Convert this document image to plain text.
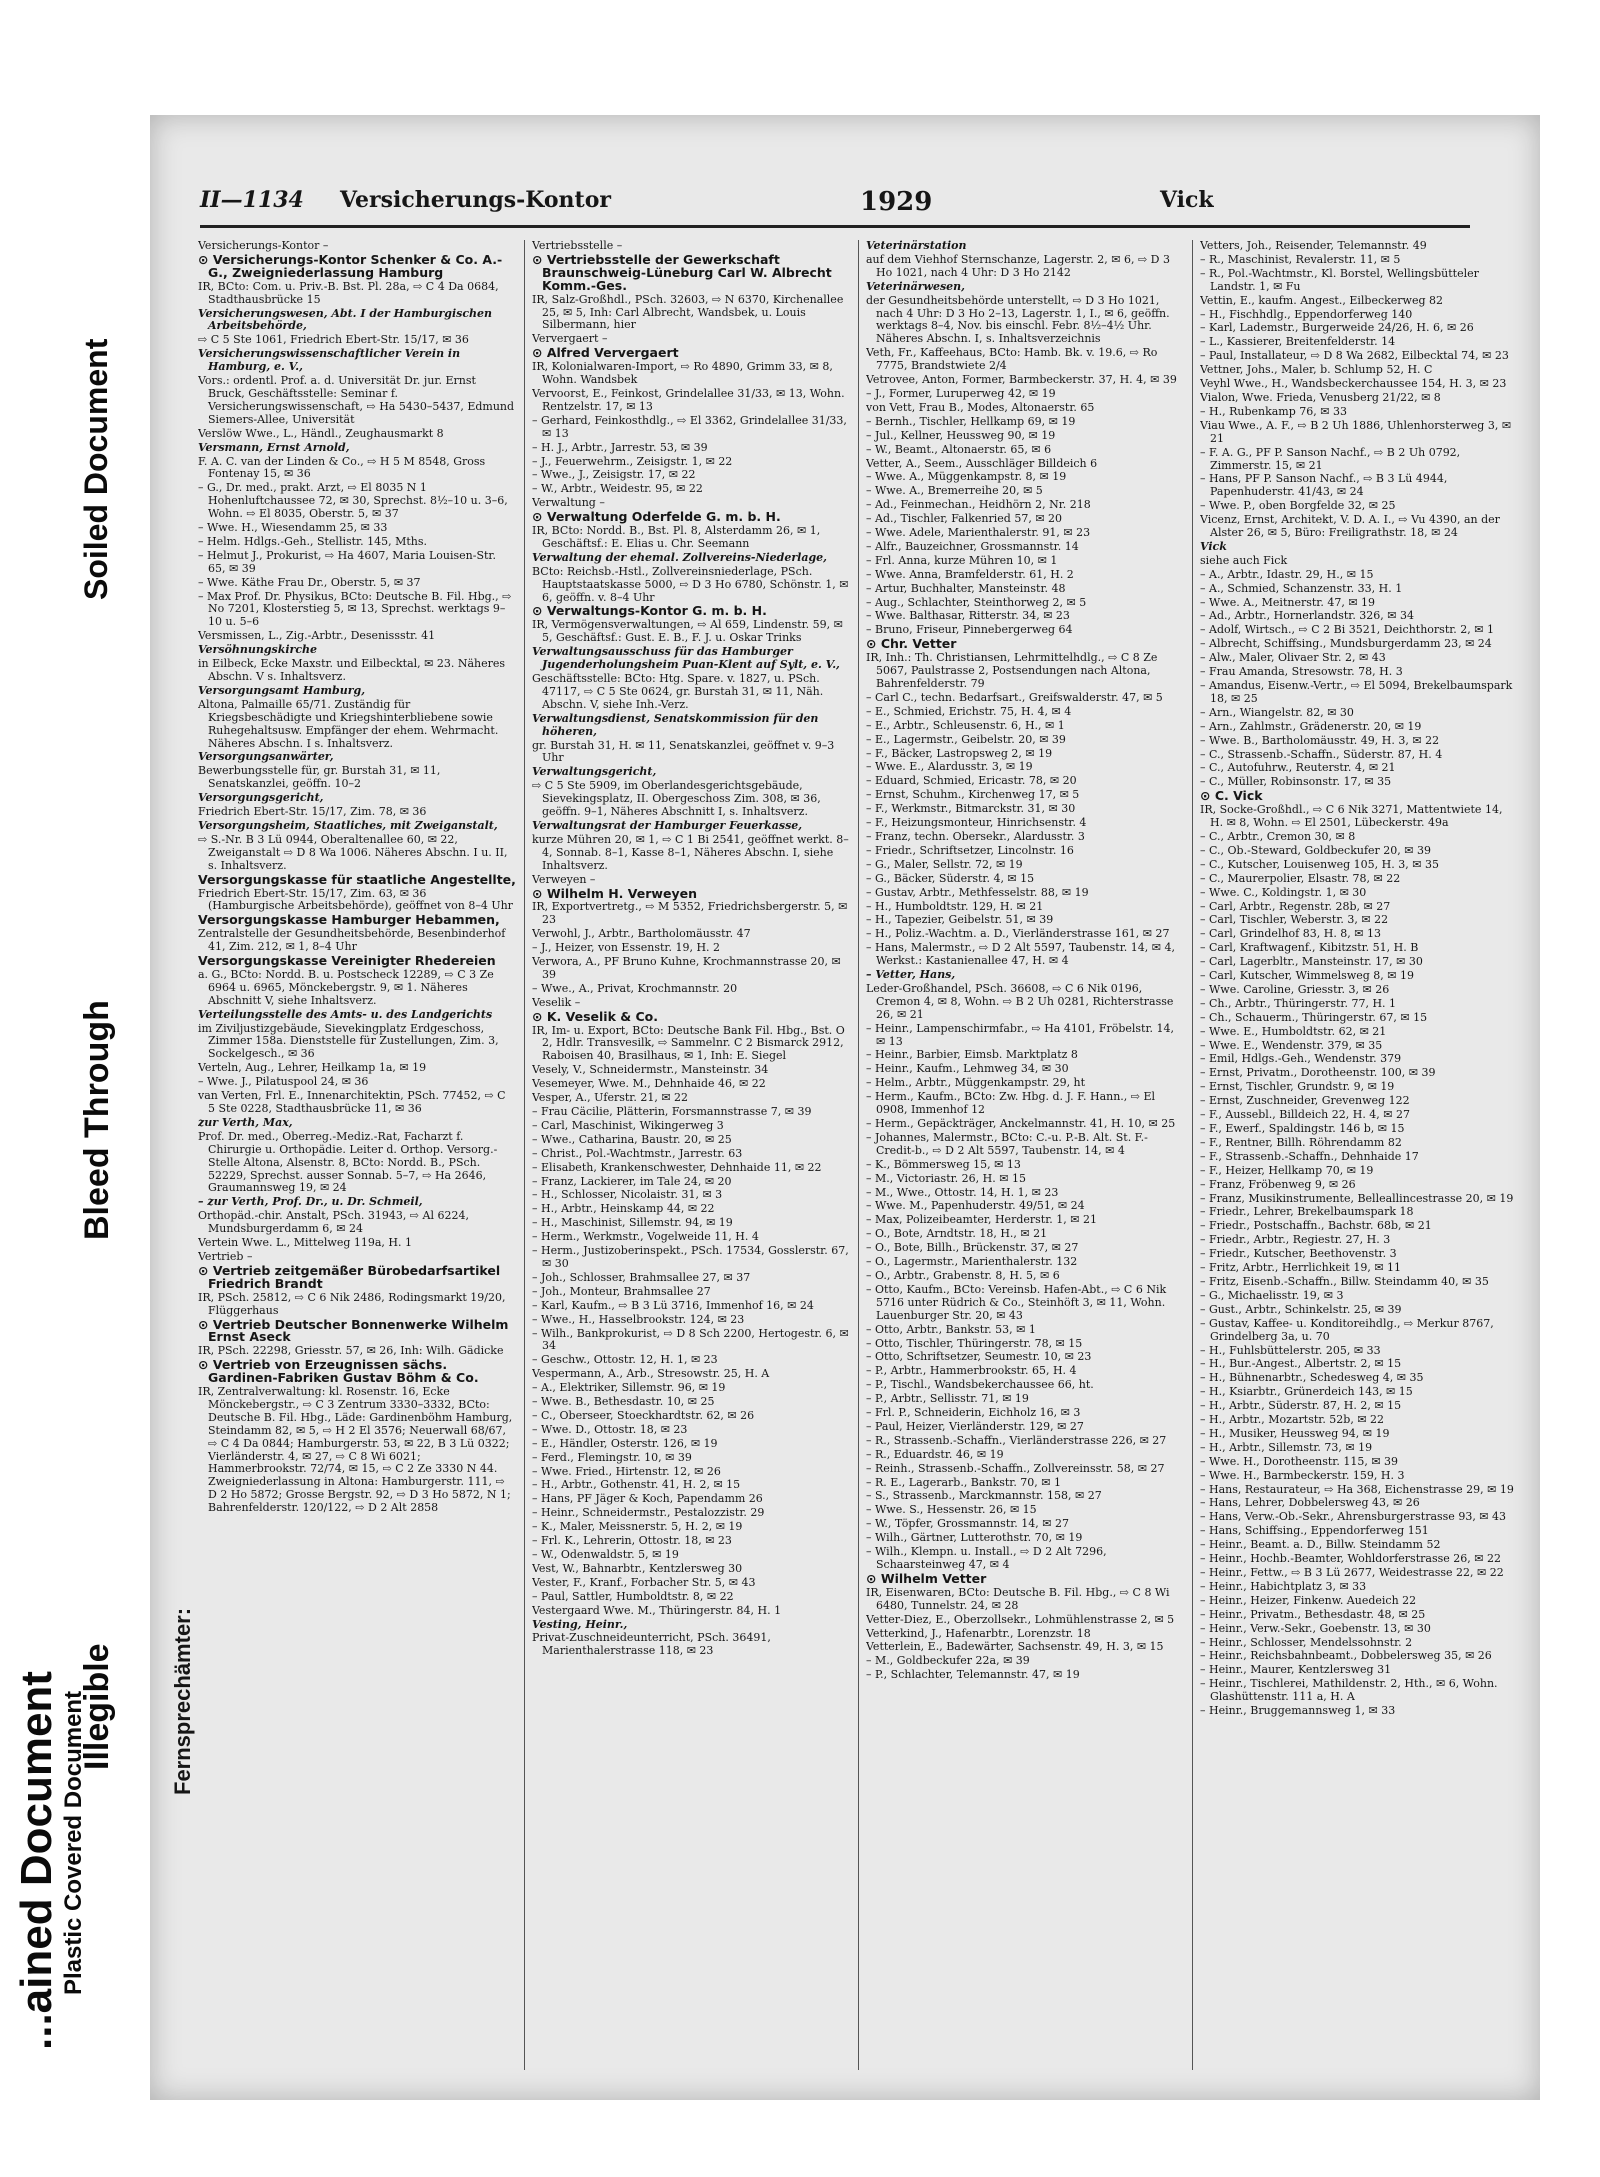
...ained Document Plastic Covered Document
Illegible
Bleed Through
Soiled Document
II—1134 Versicherungs-Kontor	1929	Vick
Fernsprechämter:

Versicherungs-Kontor –

⊙ Versicherungs-Kontor Schenker & Co. A.-G., Zweigniederlassung Hamburg

IR, BCto: Com. u. Priv.-B. Bst. Pl. 28a, ⇨ C 4 Da 0684, Stadthausbrücke 15

Versicherungswesen, Abt. I der Hamburgischen Arbeitsbehörde,

⇨ C 5 Ste 1061, Friedrich Ebert-Str. 15/17, ✉ 36

Versicherungswissenschaftlicher Verein in Hamburg, e. V.,

Vors.: ordentl. Prof. a. d. Universität Dr. jur. Ernst Bruck, Geschäftsstelle: Seminar f. Versicherungswissenschaft, ⇨ Ha 5430–5437, Edmund Siemers-Allee, Universität

Verslöw Wwe., L., Händl., Zeughausmarkt 8

Versmann, Ernst Arnold,

F. A. C. van der Linden & Co., ⇨ H 5 M 8548, Gross Fontenay 15, ✉ 36

– G., Dr. med., prakt. Arzt, ⇨ El 8035 N 1 Hohenluftchaussee 72, ✉ 30, Sprechst. 8½–10 u. 3–6, Wohn. ⇨ El 8035, Oberstr. 5, ✉ 37

– Wwe. H., Wiesendamm 25, ✉ 33

– Helm. Hdlgs.-Geh., Stellistr. 145, Mths.

– Helmut J., Prokurist, ⇨ Ha 4607, Maria Louisen-Str. 65, ✉ 39

– Wwe. Käthe Frau Dr., Oberstr. 5, ✉ 37

– Max Prof. Dr. Physikus, BCto: Deutsche B. Fil. Hbg., ⇨ No 7201, Klosterstieg 5, ✉ 13, Sprechst. werktags 9–10 u. 5–6

Versmissen, L., Zig.-Arbtr., Desenissstr. 41

Versöhnungskirche

in Eilbeck, Ecke Maxstr. und Eilbecktal, ✉ 23. Näheres Abschn. V s. Inhaltsverz.

Versorgungsamt Hamburg,

Altona, Palmaille 65/71. Zuständig für Kriegsbeschädigte und Kriegshinterbliebene sowie Ruhegehaltsusw. Empfänger der ehem. Wehrmacht. Näheres Abschn. I s. Inhaltsverz.

Versorgungsanwärter,

Bewerbungsstelle für, gr. Burstah 31, ✉ 11, Senatskanzlei, geöffn. 10–2

Versorgungsgericht,

Friedrich Ebert-Str. 15/17, Zim. 78, ✉ 36

Versorgungsheim, Staatliches, mit Zweiganstalt,

⇨ S.-Nr. B 3 Lü 0944, Oberaltenallee 60, ✉ 22, Zweiganstalt ⇨ D 8 Wa 1006. Näheres Abschn. I u. II, s. Inhaltsverz.

Versorgungskasse für staatliche Angestellte,

Friedrich Ebert-Str. 15/17, Zim. 63, ✉ 36 (Hamburgische Arbeitsbehörde), geöffnet von 8–4 Uhr

Versorgungskasse Hamburger Hebammen,

Zentralstelle der Gesundheitsbehörde, Besenbinderhof 41, Zim. 212, ✉ 1, 8–4 Uhr

Versorgungskasse Vereinigter Rhedereien

a. G., BCto: Nordd. B. u. Postscheck 12289, ⇨ C 3 Ze 6964 u. 6965, Mönckebergstr. 9, ✉ 1. Näheres Abschnitt V, siehe Inhaltsverz.

Verteilungsstelle des Amts- u. des Landgerichts

im Ziviljustizgebäude, Sievekingplatz Erdgeschoss, Zimmer 158a. Dienststelle für Zustellungen, Zim. 3, Sockelgesch., ✉ 36

Verteln, Aug., Lehrer, Heilkamp 1a, ✉ 19

– Wwe. J., Pilatuspool 24, ✉ 36

van Verten, Frl. E., Innenarchitektin, PSch. 77452, ⇨ C 5 Ste 0228, Stadthausbrücke 11, ✉ 36

zur Verth, Max,

Prof. Dr. med., Oberreg.-Mediz.-Rat, Facharzt f. Chirurgie u. Orthopädie. Leiter d. Orthop. Versorg.-Stelle Altona, Alsenstr. 8, BCto: Nordd. B., PSch. 52229, Sprechst. ausser Sonnab. 5–7, ⇨ Ha 2646, Graumannsweg 19, ✉ 24

– zur Verth, Prof. Dr., u. Dr. Schmeil,

Orthopäd.-chir. Anstalt, PSch. 31943, ⇨ Al 6224, Mundsburgerdamm 6, ✉ 24

Vertein Wwe. L., Mittelweg 119a, H. 1

Vertrieb –

⊙ Vertrieb zeitgemäßer Bürobedarfsartikel Friedrich Brandt

IR, PSch. 25812, ⇨ C 6 Nik 2486, Rodingsmarkt 19/20, Flüggerhaus

⊙ Vertrieb Deutscher Bonnenwerke Wilhelm Ernst Aseck

IR, PSch. 22298, Griesstr. 57, ✉ 26, Inh: Wilh. Gädicke

⊙ Vertrieb von Erzeugnissen sächs. Gardinen-Fabriken Gustav Böhm & Co.

IR, Zentralverwaltung: kl. Rosenstr. 16, Ecke Mönckebergstr., ⇨ C 3 Zentrum 3330–3332, BCto: Deutsche B. Fil. Hbg., Läde: Gardinenböhm Hamburg, Steindamm 82, ✉ 5, ⇨ H 2 El 3576; Neuerwall 68/67, ⇨ C 4 Da 0844; Hamburgerstr. 53, ✉ 22, B 3 Lü 0322; Vierländerstr. 4, ✉ 27, ⇨ C 8 Wi 6021; Hammerbrookstr. 72/74, ✉ 15, ⇨ C 2 Ze 3330 N 44. Zweigniederlassung in Altona: Hamburgerstr. 111, ⇨ D 2 Ho 5872; Grosse Bergstr. 92, ⇨ D 3 Ho 5872, N 1; Bahrenfelderstr. 120/122, ⇨ D 2 Alt 2858

Vertriebsstelle –

⊙ Vertriebsstelle der Gewerkschaft Braunschweig-Lüneburg Carl W. Albrecht Komm.-Ges.

IR, Salz-Großhdl., PSch. 32603, ⇨ N 6370, Kirchenallee 25, ✉ 5, Inh: Carl Albrecht, Wandsbek, u. Louis Silbermann, hier

Ververgaert –

⊙ Alfred Ververgaert

IR, Kolonialwaren-Import, ⇨ Ro 4890, Grimm 33, ✉ 8, Wohn. Wandsbek

Vervoorst, E., Feinkost, Grindelallee 31/33, ✉ 13, Wohn. Rentzelstr. 17, ✉ 13

– Gerhard, Feinkosthdlg., ⇨ El 3362, Grindelallee 31/33, ✉ 13

– H. J., Arbtr., Jarrestr. 53, ✉ 39

– J., Feuerwehrm., Zeisigstr. 1, ✉ 22

– Wwe., J., Zeisigstr. 17, ✉ 22

– W., Arbtr., Weidestr. 95, ✉ 22

Verwaltung –

⊙ Verwaltung Oderfelde G. m. b. H.

IR, BCto: Nordd. B., Bst. Pl. 8, Alsterdamm 26, ✉ 1, Geschäftsf.: E. Elias u. Chr. Seemann

Verwaltung der ehemal. Zollvereins-Niederlage,

BCto: Reichsb.-Hstl., Zollvereinsniederlage, PSch. Hauptstaatskasse 5000, ⇨ D 3 Ho 6780, Schönstr. 1, ✉ 6, geöffn. v. 8–4 Uhr

⊙ Verwaltungs-Kontor G. m. b. H.

IR, Vermögensverwaltungen, ⇨ Al 659, Lindenstr. 59, ✉ 5, Geschäftsf.: Gust. E. B., F. J. u. Oskar Trinks

Verwaltungsausschuss für das Hamburger Jugenderholungsheim Puan-Klent auf Sylt, e. V.,

Geschäftsstelle: BCto: Htg. Spare. v. 1827, u. PSch. 47117, ⇨ C 5 Ste 0624, gr. Burstah 31, ✉ 11, Näh. Abschn. V, siehe Inh.-Verz.

Verwaltungsdienst, Senatskommission für den höheren,

gr. Burstah 31, H. ✉ 11, Senatskanzlei, geöffnet v. 9–3 Uhr

Verwaltungsgericht,

⇨ C 5 Ste 5909, im Oberlandesgerichtsgebäude, Sievekingsplatz, II. Obergeschoss Zim. 308, ✉ 36, geöffn. 9–1, Näheres Abschnitt I, s. Inhaltsverz.

Verwaltungsrat der Hamburger Feuerkasse,

kurze Mühren 20, ✉ 1, ⇨ C 1 Bi 2541, geöffnet werkt. 8–4, Sonnab. 8–1, Kasse 8–1, Näheres Abschn. I, siehe Inhaltsverz.

Verweyen –

⊙ Wilhelm H. Verweyen

IR, Exportvertretg., ⇨ M 5352, Friedrichsbergerstr. 5, ✉ 23

Verwohl, J., Arbtr., Bartholomäusstr. 47

– J., Heizer, von Essenstr. 19, H. 2

Verwora, A., PF Bruno Kuhne, Krochmannstrasse 20, ✉ 39

– Wwe., A., Privat, Krochmannstr. 20

Veselik –

⊙ K. Veselik & Co.

IR, Im- u. Export, BCto: Deutsche Bank Fil. Hbg., Bst. O 2, Hdlr. Transvesilk, ⇨ Sammelnr. C 2 Bismarck 2912, Raboisen 40, Brasilhaus, ✉ 1, Inh: E. Siegel

Vesely, V., Schneidermstr., Mansteinstr. 34

Vesemeyer, Wwe. M., Dehnhaide 46, ✉ 22

Vesper, A., Uferstr. 21, ✉ 22

– Frau Cäcilie, Plätterin, Forsmannstrasse 7, ✉ 39

– Carl, Maschinist, Wikingerweg 3

– Wwe., Catharina, Baustr. 20, ✉ 25

– Christ., Pol.-Wachtmstr., Jarrestr. 63

– Elisabeth, Krankenschwester, Dehnhaide 11, ✉ 22

– Franz, Lackierer, im Tale 24, ✉ 20

– H., Schlosser, Nicolaistr. 31, ✉ 3

– H., Arbtr., Heinskamp 44, ✉ 22

– H., Maschinist, Sillemstr. 94, ✉ 19

– Herm., Werkmstr., Vogelweide 11, H. 4

– Herm., Justizoberinspekt., PSch. 17534, Gosslerstr. 67, ✉ 30

– Joh., Schlosser, Brahmsallee 27, ✉ 37

– Joh., Monteur, Brahmsallee 27

– Karl, Kaufm., ⇨ B 3 Lü 3716, Immenhof 16, ✉ 24

– Wwe., H., Hasselbrookstr. 124, ✉ 23

– Wilh., Bankprokurist, ⇨ D 8 Sch 2200, Hertogestr. 6, ✉ 34

– Geschw., Ottostr. 12, H. 1, ✉ 23

Vespermann, A., Arb., Stresowstr. 25, H. A

– A., Elektriker, Sillemstr. 96, ✉ 19

– Wwe. B., Bethesdastr. 10, ✉ 25

– C., Oberseer, Stoeckhardtstr. 62, ✉ 26

– Wwe. D., Ottostr. 18, ✉ 23

– E., Händler, Osterstr. 126, ✉ 19

– Ferd., Flemingstr. 10, ✉ 39

– Wwe. Fried., Hirtenstr. 12, ✉ 26

– H., Arbtr., Gothenstr. 41, H. 2, ✉ 15

– Hans, PF Jäger & Koch, Papendamm 26

– Heinr., Schneidermstr., Pestalozzistr. 29

– K., Maler, Meissnerstr. 5, H. 2, ✉ 19

– Frl. K., Lehrerin, Ottostr. 18, ✉ 23

– W., Odenwaldstr. 5, ✉ 19

Vest, W., Bahnarbtr., Kentzlersweg 30

Vester, F., Kranf., Forbacher Str. 5, ✉ 43

– Paul, Sattler, Humboldtstr. 8, ✉ 22

Vestergaard Wwe. M., Thüringerstr. 84, H. 1

Vesting, Heinr.,

Privat-Zuschneideunterricht, PSch. 36491, Marienthalerstrasse 118, ✉ 23

Veterinärstation

auf dem Viehhof Sternschanze, Lagerstr. 2, ✉ 6, ⇨ D 3 Ho 1021, nach 4 Uhr: D 3 Ho 2142

Veterinärwesen,

der Gesundheitsbehörde unterstellt, ⇨ D 3 Ho 1021, nach 4 Uhr: D 3 Ho 2–13, Lagerstr. 1, I., ✉ 6, geöffn. werktags 8–4, Nov. bis einschl. Febr. 8½–4½ Uhr. Näheres Abschn. I, s. Inhaltsverzeichnis

Veth, Fr., Kaffeehaus, BCto: Hamb. Bk. v. 19.6, ⇨ Ro 7775, Brandstwiete 2/4

Vetrovee, Anton, Former, Barmbeckerstr. 37, H. 4, ✉ 39

– J., Former, Luruperweg 42, ✉ 19

von Vett, Frau B., Modes, Altonaerstr. 65

– Bernh., Tischler, Hellkamp 69, ✉ 19

– Jul., Kellner, Heussweg 90, ✉ 19

– W., Beamt., Altonaerstr. 65, ✉ 6

Vetter, A., Seem., Ausschläger Billdeich 6

– Wwe. A., Müggenkampstr. 8, ✉ 19

– Wwe. A., Bremerreihe 20, ✉ 5

– Ad., Feinmechan., Heidhörn 2, Nr. 218

– Ad., Tischler, Falkenried 57, ✉ 20

– Wwe. Adele, Marienthalerstr. 91, ✉ 23

– Alfr., Bauzeichner, Grossmannstr. 14

– Frl. Anna, kurze Mühren 10, ✉ 1

– Wwe. Anna, Bramfelderstr. 61, H. 2

– Artur, Buchhalter, Mansteinstr. 48

– Aug., Schlachter, Steinthorweg 2, ✉ 5

– Wwe. Balthasar, Ritterstr. 34, ✉ 23

– Bruno, Friseur, Pinnebergerweg 64

⊙ Chr. Vetter

IR, Inh.: Th. Christiansen, Lehrmittelhdlg., ⇨ C 8 Ze 5067, Paulstrasse 2, Postsendungen nach Altona, Bahrenfelderstr. 79

– Carl C., techn. Bedarfsart., Greifswalderstr. 47, ✉ 5

– E., Schmied, Erichstr. 75, H. 4, ✉ 4

– E., Arbtr., Schleusenstr. 6, H., ✉ 1

– E., Lagermstr., Geibelstr. 20, ✉ 39

– F., Bäcker, Lastropsweg 2, ✉ 19

– Wwe. E., Alardusstr. 3, ✉ 19

– Eduard, Schmied, Ericastr. 78, ✉ 20

– Ernst, Schuhm., Kirchenweg 17, ✉ 5

– F., Werkmstr., Bitmarckstr. 31, ✉ 30

– F., Heizungsmonteur, Hinrichsenstr. 4

– Franz, techn. Obersekr., Alardusstr. 3

– Friedr., Schriftsetzer, Lincolnstr. 16

– G., Maler, Sellstr. 72, ✉ 19

– G., Bäcker, Süderstr. 4, ✉ 15

– Gustav, Arbtr., Methfesselstr. 88, ✉ 19

– H., Humboldtstr. 129, H. ✉ 21

– H., Tapezier, Geibelstr. 51, ✉ 39

– H., Poliz.-Wachtm. a. D., Vierländerstrasse 161, ✉ 27

– Hans, Malermstr., ⇨ D 2 Alt 5597, Taubenstr. 14, ✉ 4, Werkst.: Kastanienallee 47, H. ✉ 4

– Vetter, Hans,

Leder-Großhandel, PSch. 36608, ⇨ C 6 Nik 0196, Cremon 4, ✉ 8, Wohn. ⇨ B 2 Uh 0281, Richterstrasse 26, ✉ 21

– Heinr., Lampenschirmfabr., ⇨ Ha 4101, Fröbelstr. 14, ✉ 13

– Heinr., Barbier, Eimsb. Marktplatz 8

– Heinr., Kaufm., Lehmweg 34, ✉ 30

– Helm., Arbtr., Müggenkampstr. 29, ht

– Herm., Kaufm., BCto: Zw. Hbg. d. J. F. Hann., ⇨ El 0908, Immenhof 12

– Herm., Gepäckträger, Anckelmannstr. 41, H. 10, ✉ 25

– Johannes, Malermstr., BCto: C.-u. P.-B. Alt. St. F.-Credit-b., ⇨ D 2 Alt 5597, Taubenstr. 14, ✉ 4

– K., Bömmersweg 15, ✉ 13

– M., Victoriastr. 26, H. ✉ 15

– M., Wwe., Ottostr. 14, H. 1, ✉ 23

– Wwe. M., Papenhuderstr. 49/51, ✉ 24

– Max, Polizeibeamter, Herderstr. 1, ✉ 21

– O., Bote, Arndtstr. 18, H., ✉ 21

– O., Bote, Billh., Brückenstr. 37, ✉ 27

– O., Lagermstr., Marienthalerstr. 132

– O., Arbtr., Grabenstr. 8, H. 5, ✉ 6

– Otto, Kaufm., BCto: Vereinsb. Hafen-Abt., ⇨ C 6 Nik 5716 unter Rüdrich & Co., Steinhöft 3, ✉ 11, Wohn. Lauenburger Str. 20, ✉ 43

– Otto, Arbtr., Bankstr. 53, ✉ 1

– Otto, Tischler, Thüringerstr. 78, ✉ 15

– Otto, Schriftsetzer, Seumestr. 10, ✉ 23

– P., Arbtr., Hammerbrookstr. 65, H. 4

– P., Tischl., Wandsbekerchaussee 66, ht.

– P., Arbtr., Sellisstr. 71, ✉ 19

– Frl. P., Schneiderin, Eichholz 16, ✉ 3

– Paul, Heizer, Vierländerstr. 129, ✉ 27

– R., Strassenb.-Schaffn., Vierländerstrasse 226, ✉ 27

– R., Eduardstr. 46, ✉ 19

– Reinh., Strassenb.-Schaffn., Zollvereinsstr. 58, ✉ 27

– R. E., Lagerarb., Bankstr. 70, ✉ 1

– S., Strassenb., Marckmannstr. 158, ✉ 27

– Wwe. S., Hessenstr. 26, ✉ 15

– W., Töpfer, Grossmannstr. 14, ✉ 27

– Wilh., Gärtner, Lutterothstr. 70, ✉ 19

– Wilh., Klempn. u. Install., ⇨ D 2 Alt 7296, Schaarsteinweg 47, ✉ 4

⊙ Wilhelm Vetter

IR, Eisenwaren, BCto: Deutsche B. Fil. Hbg., ⇨ C 8 Wi 6480, Tunnelstr. 24, ✉ 28

Vetter-Diez, E., Oberzollsekr., Lohmühlenstrasse 2, ✉ 5

Vetterkind, J., Hafenarbtr., Lorenzstr. 18

Vetterlein, E., Badewärter, Sachsenstr. 49, H. 3, ✉ 15

– M., Goldbeckufer 22a, ✉ 39

– P., Schlachter, Telemannstr. 47, ✉ 19

Vetters, Joh., Reisender, Telemannstr. 49

– R., Maschinist, Revalerstr. 11, ✉ 5

– R., Pol.-Wachtmstr., Kl. Borstel, Wellingsbütteler Landstr. 1, ✉ Fu

Vettin, E., kaufm. Angest., Eilbeckerweg 82

– H., Fischhdlg., Eppendorferweg 140

– Karl, Lademstr., Burgerweide 24/26, H. 6, ✉ 26

– L., Kassierer, Breitenfelderstr. 14

– Paul, Installateur, ⇨ D 8 Wa 2682, Eilbecktal 74, ✉ 23

Vettner, Johs., Maler, b. Schlump 52, H. C

Veyhl Wwe., H., Wandsbeckerchaussee 154, H. 3, ✉ 23

Vialon, Wwe. Frieda, Venusberg 21/22, ✉ 8

– H., Rubenkamp 76, ✉ 33

Viau Wwe., A. F., ⇨ B 2 Uh 1886, Uhlenhorsterweg 3, ✉ 21

– F. A. G., PF P. Sanson Nachf., ⇨ B 2 Uh 0792, Zimmerstr. 15, ✉ 21

– Hans, PF P. Sanson Nachf., ⇨ B 3 Lü 4944, Papenhuderstr. 41/43, ✉ 24

– Wwe. P., oben Borgfelde 32, ✉ 25

Vicenz, Ernst, Architekt, V. D. A. I., ⇨ Vu 4390, an der Alster 26, ✉ 5, Büro: Freiligrathstr. 18, ✉ 24

Vick

siehe auch Fick

– A., Arbtr., Idastr. 29, H., ✉ 15

– A., Schmied, Schanzenstr. 33, H. 1

– Wwe. A., Meitnerstr. 47, ✉ 19

– Ad., Arbtr., Hornerlandstr. 326, ✉ 34

– Adolf, Wirtsch., ⇨ C 2 Bi 3521, Deichthorstr. 2, ✉ 1

– Albrecht, Schiffsing., Mundsburgerdamm 23, ✉ 24

– Alw., Maler, Olivaer Str. 2, ✉ 43

– Frau Amanda, Stresowstr. 78, H. 3

– Amandus, Eisenw.-Vertr., ⇨ El 5094, Brekelbaumspark 18, ✉ 25

– Arn., Wiangelstr. 82, ✉ 30

– Arn., Zahlmstr., Grädenerstr. 20, ✉ 19

– Wwe. B., Bartholomäusstr. 49, H. 3, ✉ 22

– C., Strassenb.-Schaffn., Süderstr. 87, H. 4

– C., Autofuhrw., Reuterstr. 4, ✉ 21

– C., Müller, Robinsonstr. 17, ✉ 35

⊙ C. Vick

IR, Socke-Großhdl., ⇨ C 6 Nik 3271, Mattentwiete 14, H. ✉ 8, Wohn. ⇨ El 2501, Lübeckerstr. 49a

– C., Arbtr., Cremon 30, ✉ 8

– C., Ob.-Steward, Goldbeckufer 20, ✉ 39

– C., Kutscher, Louisenweg 105, H. 3, ✉ 35

– C., Maurerpolier, Elsastr. 78, ✉ 22

– Wwe. C., Koldingstr. 1, ✉ 30

– Carl, Arbtr., Regenstr. 28b, ✉ 27

– Carl, Tischler, Weberstr. 3, ✉ 22

– Carl, Grindelhof 83, H. 8, ✉ 13

– Carl, Kraftwagenf., Kibitzstr. 51, H. B

– Carl, Lagerbltr., Mansteinstr. 17, ✉ 30

– Carl, Kutscher, Wimmelsweg 8, ✉ 19

– Wwe. Caroline, Griesstr. 3, ✉ 26

– Ch., Arbtr., Thüringerstr. 77, H. 1

– Ch., Schauerm., Thüringerstr. 67, ✉ 15

– Wwe. E., Humboldtstr. 62, ✉ 21

– Wwe. E., Wendenstr. 379, ✉ 35

– Emil, Hdlgs.-Geh., Wendenstr. 379

– Ernst, Privatm., Dorotheenstr. 100, ✉ 39

– Ernst, Tischler, Grundstr. 9, ✉ 19

– Ernst, Zuschneider, Grevenweg 122

– F., Aussebl., Billdeich 22, H. 4, ✉ 27

– F., Ewerf., Spaldingstr. 146 b, ✉ 15

– F., Rentner, Billh. Röhrendamm 82

– F., Strassenb.-Schaffn., Dehnhaide 17

– F., Heizer, Hellkamp 70, ✉ 19

– Franz, Fröbenweg 9, ✉ 26

– Franz, Musikinstrumente, Belleallincestrasse 20, ✉ 19

– Friedr., Lehrer, Brekelbaumspark 18

– Friedr., Postschaffn., Bachstr. 68b, ✉ 21

– Friedr., Arbtr., Regiestr. 27, H. 3

– Friedr., Kutscher, Beethovenstr. 3

– Fritz, Arbtr., Herrlichkeit 19, ✉ 11

– Fritz, Eisenb.-Schaffn., Billw. Steindamm 40, ✉ 35

– G., Michaelisstr. 19, ✉ 3

– Gust., Arbtr., Schinkelstr. 25, ✉ 39

– Gustav, Kaffee- u. Konditoreihdlg., ⇨ Merkur 8767, Grindelberg 3a, u. 70

– H., Fuhlsbüttelerstr. 205, ✉ 33

– H., Bur.-Angest., Albertstr. 2, ✉ 15

– H., Bühnenarbtr., Schedesweg 4, ✉ 35

– H., Ksiarbtr., Grünerdeich 143, ✉ 15

– H., Arbtr., Süderstr. 87, H. 2, ✉ 15

– H., Arbtr., Mozartstr. 52b, ✉ 22

– H., Musiker, Heussweg 94, ✉ 19

– H., Arbtr., Sillemstr. 73, ✉ 19

– Wwe. H., Dorotheenstr. 115, ✉ 39

– Wwe. H., Barmbeckerstr. 159, H. 3

– Hans, Restaurateur, ⇨ Ha 368, Eichenstrasse 29, ✉ 19

– Hans, Lehrer, Dobbelersweg 43, ✉ 26

– Hans, Verw.-Ob.-Sekr., Ahrensburgerstrasse 93, ✉ 43

– Hans, Schiffsing., Eppendorferweg 151

– Heinr., Beamt. a. D., Billw. Steindamm 52

– Heinr., Hochb.-Beamter, Wohldorferstrasse 26, ✉ 22

– Heinr., Fettw., ⇨ B 3 Lü 2677, Weidestrasse 22, ✉ 22

– Heinr., Habichtplatz 3, ✉ 33

– Heinr., Heizer, Finkenw. Auedeich 22

– Heinr., Privatm., Bethesdastr. 48, ✉ 25

– Heinr., Verw.-Sekr., Goebenstr. 13, ✉ 30

– Heinr., Schlosser, Mendelssohnstr. 2

– Heinr., Reichsbahnbeamt., Dobbelersweg 35, ✉ 26

– Heinr., Maurer, Kentzlersweg 31

– Heinr., Tischlerei, Mathildenstr. 2, Hth., ✉ 6, Wohn. Glashüttenstr. 111 a, H. A

– Heinr., Bruggemannsweg 1, ✉ 33
